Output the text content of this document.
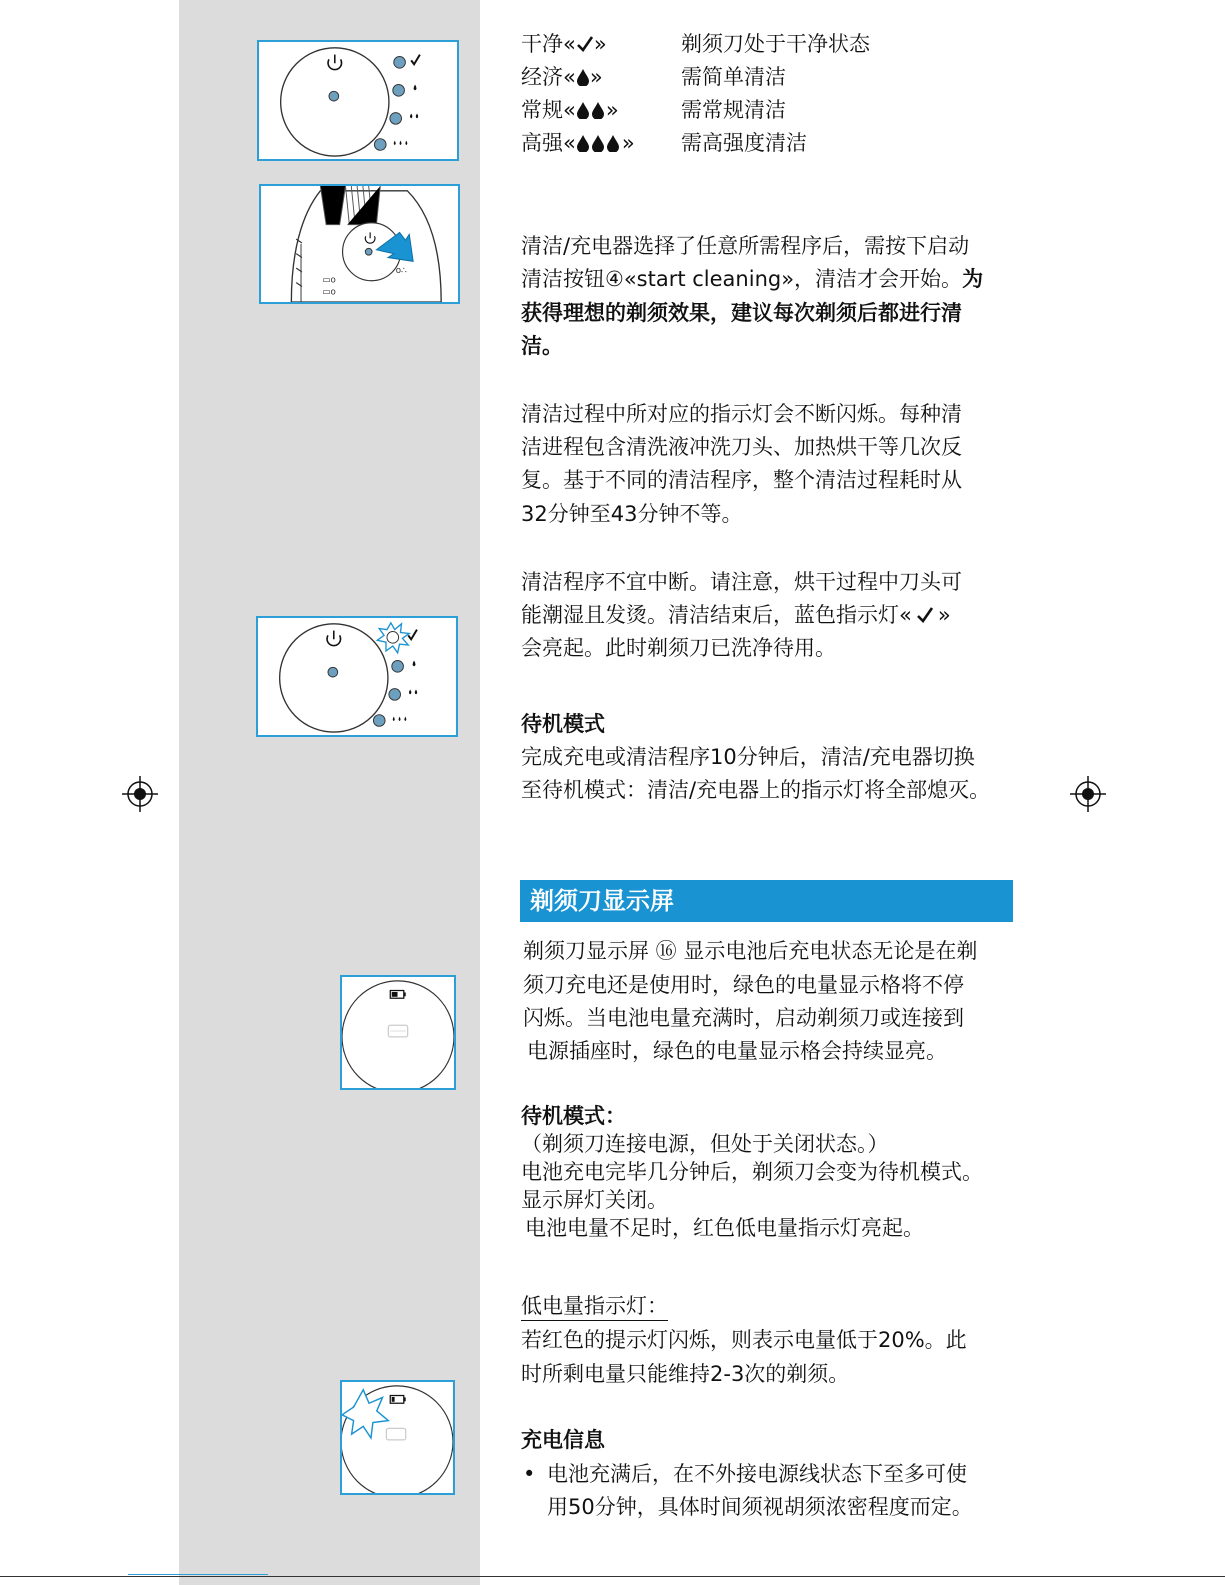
▭o
▭o
o∴
干净« »	剃须刀处于干净状态
经济« »	需简单清洁
常规« »	需常规清洁
高强« » 需高强度清洁
清洁/充电器选择了任意所需程序后，需按下启动
清洁按钮④«start cleaning»，清洁才会开始。为
获得理想的剃须效果，建议每次剃须后都进行清
洁。
清洁过程中所对应的指示灯会不断闪烁。每种清
洁进程包含清洗液冲洗刀头、加热烘干等几次反
复。基于不同的清洁程序，整个清洁过程耗时从
32分钟至43分钟不等。
清洁程序不宜中断。请注意，烘干过程中刀头可
能潮湿且发烫。清洁结束后，蓝色指示灯« »
会亮起。此时剃须刀已洗净待用。
待机模式
完成充电或清洁程序10分钟后，清洁/充电器切换
至待机模式：清洁/充电器上的指示灯将全部熄灭。
剃须刀显示屏
剃须刀显示屏 ⑯ 显示电池后充电状态无论是在剃
须刀充电还是使用时，绿色的电量显示格将不停
闪烁。当电池电量充满时，启动剃须刀或连接到
电源插座时，绿色的电量显示格会持续显亮。
待机模式：
（剃须刀连接电源，但处于关闭状态。）
电池充电完毕几分钟后，剃须刀会变为待机模式。
显示屏灯关闭。
电池电量不足时，红色低电量指示灯亮起。
低电量指示灯：
若红色的提示灯闪烁，则表示电量低于20%。此
时所剩电量只能维持2-3次的剃须。
充电信息
• 电池充满后，在不外接电源线状态下至多可使
用50分钟，具体时间须视胡须浓密程度而定。
